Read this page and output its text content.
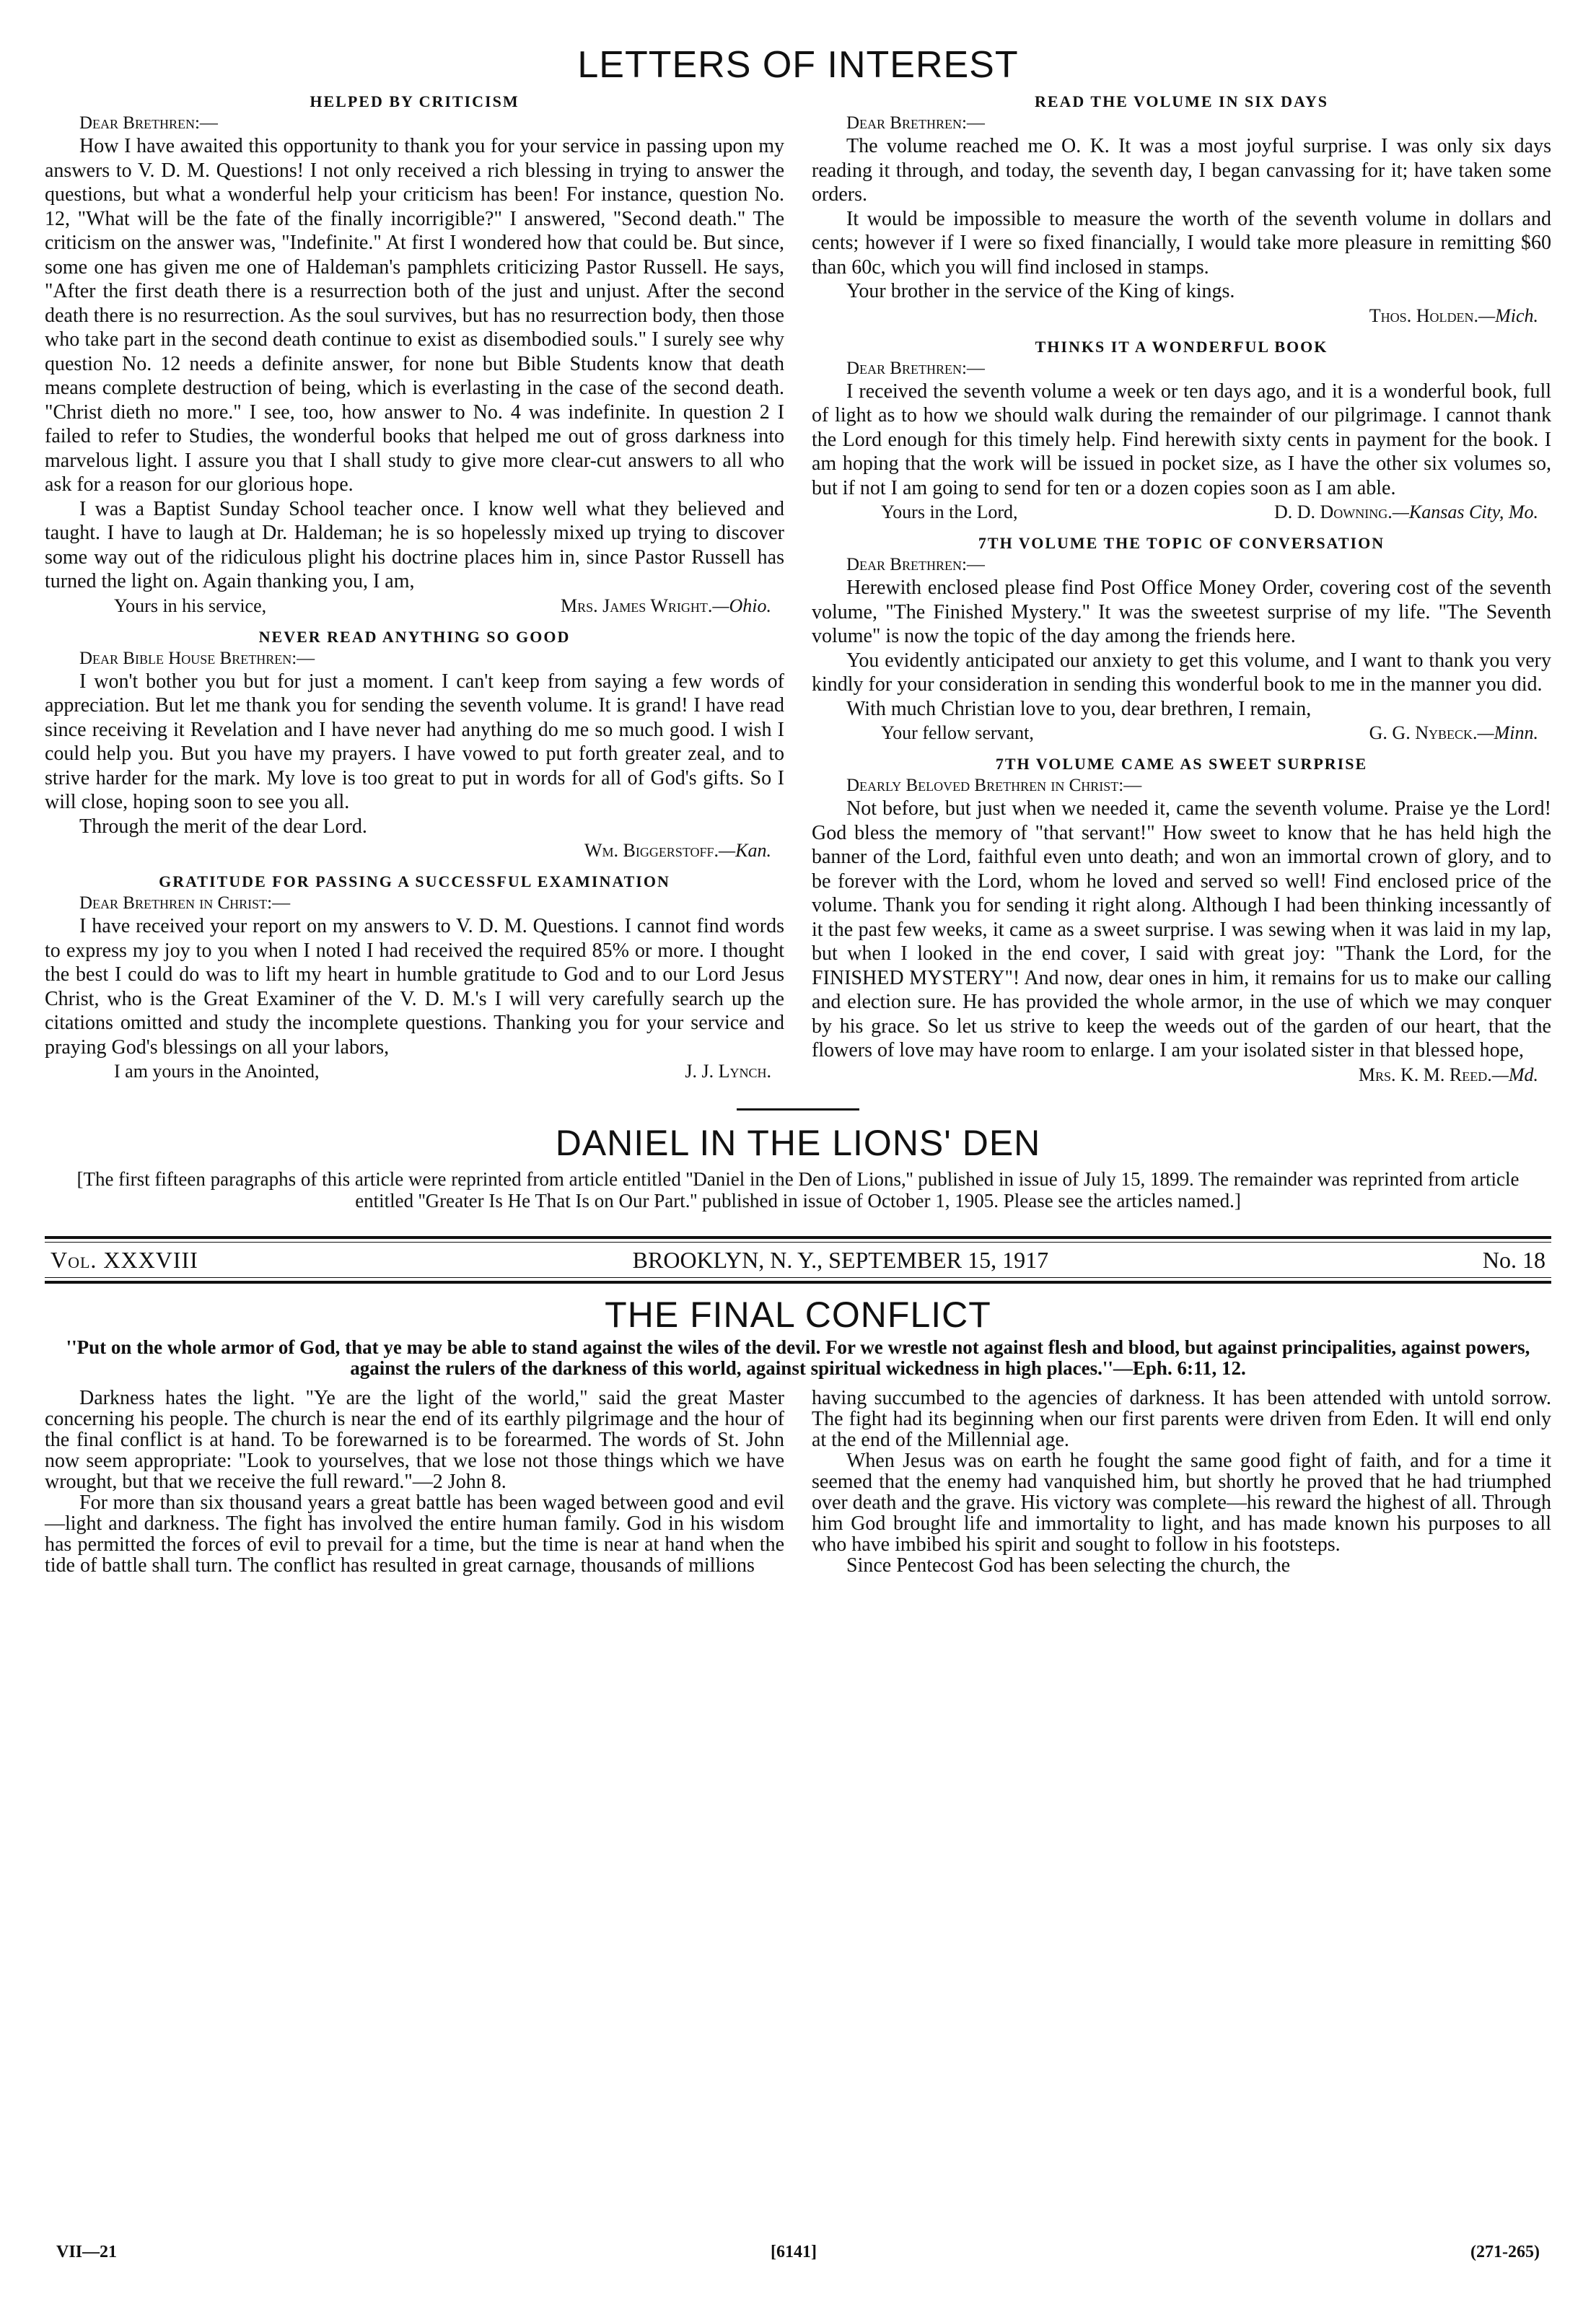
LETTERS OF INTEREST
HELPED BY CRITICISM

Dear Brethren:—

How I have awaited this opportunity to thank you for your service in passing upon my answers to V. D. M. Questions! I not only received a rich blessing in trying to answer the questions, but what a wonderful help your criticism has been! For instance, question No. 12, "What will be the fate of the finally incorrigible?" I answered, "Second death." The criticism on the answer was, "Indefinite." At first I wondered how that could be. But since, some one has given me one of Haldeman's pamphlets criticizing Pastor Russell. He says, "After the first death there is a resurrection both of the just and unjust. After the second death there is no resurrection. As the soul survives, but has no resurrection body, then those who take part in the second death continue to exist as disembodied souls." I surely see why question No. 12 needs a definite answer, for none but Bible Students know that death means complete destruction of being, which is everlasting in the case of the second death. "Christ dieth no more." I see, too, how answer to No. 4 was indefinite. In question 2 I failed to refer to Studies, the wonderful books that helped me out of gross darkness into marvelous light. I assure you that I shall study to give more clear-cut answers to all who ask for a reason for our glorious hope.

I was a Baptist Sunday School teacher once. I know well what they believed and taught. I have to laugh at Dr. Haldeman; he is so hopelessly mixed up trying to discover some way out of the ridiculous plight his doctrine places him in, since Pastor Russell has turned the light on. Again thanking you, I am,

Yours in his service,	Mrs. James Wright.—Ohio.

NEVER READ ANYTHING SO GOOD

Dear Bible House Brethren:—

I won't bother you but for just a moment. I can't keep from saying a few words of appreciation. But let me thank you for sending the seventh volume. It is grand! I have read since receiving it Revelation and I have never had anything do me so much good. I wish I could help you. But you have my prayers. I have vowed to put forth greater zeal, and to strive harder for the mark. My love is too great to put in words for all of God's gifts. So I will close, hoping soon to see you all.

Through the merit of the dear Lord.

Wm. Biggerstoff.—Kan.

GRATITUDE FOR PASSING A SUCCESSFUL EXAMINATION

Dear Brethren in Christ:—

I have received your report on my answers to V. D. M. Questions. I cannot find words to express my joy to you when I noted I had received the required 85% or more. I thought the best I could do was to lift my heart in humble gratitude to God and to our Lord Jesus Christ, who is the Great Examiner of the V. D. M.'s I will very carefully search up the citations omitted and study the incomplete questions. Thanking you for your service and praying God's blessings on all your labors,

I am yours in the Anointed,	J. J. Lynch.

READ THE VOLUME IN SIX DAYS

Dear Brethren:—

The volume reached me O. K. It was a most joyful surprise. I was only six days reading it through, and today, the seventh day, I began canvassing for it; have taken some orders.

It would be impossible to measure the worth of the seventh volume in dollars and cents; however if I were so fixed financially, I would take more pleasure in remitting $60 than 60c, which you will find inclosed in stamps.

Your brother in the service of the King of kings.

Thos. Holden.—Mich.

THINKS IT A WONDERFUL BOOK

Dear Brethren:—

I received the seventh volume a week or ten days ago, and it is a wonderful book, full of light as to how we should walk during the remainder of our pilgrimage. I cannot thank the Lord enough for this timely help. Find herewith sixty cents in payment for the book. I am hoping that the work will be issued in pocket size, as I have the other six volumes so, but if not I am going to send for ten or a dozen copies soon as I am able.

Yours in the Lord,	D. D. Downing.—Kansas City, Mo.

7TH VOLUME THE TOPIC OF CONVERSATION

Dear Brethren:—

Herewith enclosed please find Post Office Money Order, covering cost of the seventh volume, "The Finished Mystery." It was the sweetest surprise of my life. "The Seventh volume" is now the topic of the day among the friends here.

You evidently anticipated our anxiety to get this volume, and I want to thank you very kindly for your consideration in sending this wonderful book to me in the manner you did.

With much Christian love to you, dear brethren, I remain,

Your fellow servant,	G. G. Nybeck.—Minn.

7TH VOLUME CAME AS SWEET SURPRISE

Dearly Beloved Brethren in Christ:—

Not before, but just when we needed it, came the seventh volume. Praise ye the Lord! God bless the memory of "that servant!" How sweet to know that he has held high the banner of the Lord, faithful even unto death; and won an immortal crown of glory, and to be forever with the Lord, whom he loved and served so well! Find enclosed price of the volume. Thank you for sending it right along. Although I had been thinking incessantly of it the past few weeks, it came as a sweet surprise. I was sewing when it was laid in my lap, but when I looked in the end cover, I said with great joy: "Thank the Lord, for the FINISHED MYSTERY"! And now, dear ones in him, it remains for us to make our calling and election sure. He has provided the whole armor, in the use of which we may conquer by his grace. So let us strive to keep the weeds out of the garden of our heart, that the flowers of love may have room to enlarge. I am your isolated sister in that blessed hope,

Mrs. K. M. Reed.—Md.

DANIEL IN THE LIONS' DEN

[The first fifteen paragraphs of this article were reprinted from article entitled ''Daniel in the Den of Lions,'' published in issue of July 15, 1899. The remainder was reprinted from article entitled ''Greater Is He That Is on Our Part.'' published in issue of October 1, 1905. Please see the articles named.]

Vol. XXXVIII	BROOKLYN, N. Y., SEPTEMBER 15, 1917	No. 18
THE FINAL CONFLICT

''Put on the whole armor of God, that ye may be able to stand against the wiles of the devil. For we wrestle not against flesh and blood, but against principalities, against powers, against the rulers of the darkness of this world, against spiritual wickedness in high places.''—Eph. 6:11, 12.

Darkness hates the light. "Ye are the light of the world," said the great Master concerning his people. The church is near the end of its earthly pilgrimage and the hour of the final conflict is at hand. To be forewarned is to be forearmed. The words of St. John now seem appropriate: "Look to yourselves, that we lose not those things which we have wrought, but that we receive the full reward."—2 John 8.

For more than six thousand years a great battle has been waged between good and evil—light and darkness. The fight has involved the entire human family. God in his wisdom has permitted the forces of evil to prevail for a time, but the time is near at hand when the tide of battle shall turn. The conflict has resulted in great carnage, thousands of millions

having succumbed to the agencies of darkness. It has been attended with untold sorrow. The fight had its beginning when our first parents were driven from Eden. It will end only at the end of the Millennial age.

When Jesus was on earth he fought the same good fight of faith, and for a time it seemed that the enemy had vanquished him, but shortly he proved that he had triumphed over death and the grave. His victory was complete—his reward the highest of all. Through him God brought life and immortality to light, and has made known his purposes to all who have imbibed his spirit and sought to follow in his footsteps.

Since Pentecost God has been selecting the church, the

VII—21	[6141]	(271-265)
